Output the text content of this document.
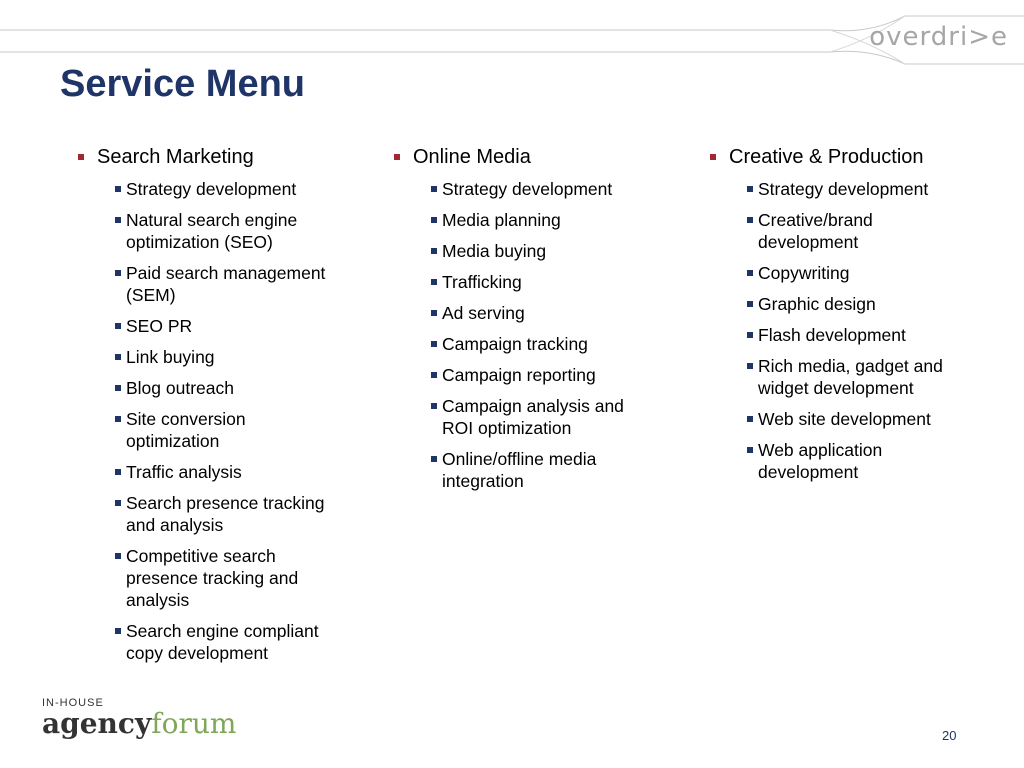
overdri>e
Service Menu
Search Marketing
Strategy development
Natural search engine optimization (SEO)
Paid search management (SEM)
SEO PR
Link buying
Blog outreach
Site conversion optimization
Traffic analysis
Search presence tracking and analysis
Competitive search presence tracking and analysis
Search engine compliant copy development
Online Media
Strategy development
Media planning
Media buying
Trafficking
Ad serving
Campaign tracking
Campaign reporting
Campaign analysis and ROI optimization
Online/offline media integration
Creative & Production
Strategy development
Creative/brand development
Copywriting
Graphic design
Flash development
Rich media, gadget and widget development
Web site development
Web application development
IN-HOUSE
agencyforum	20
